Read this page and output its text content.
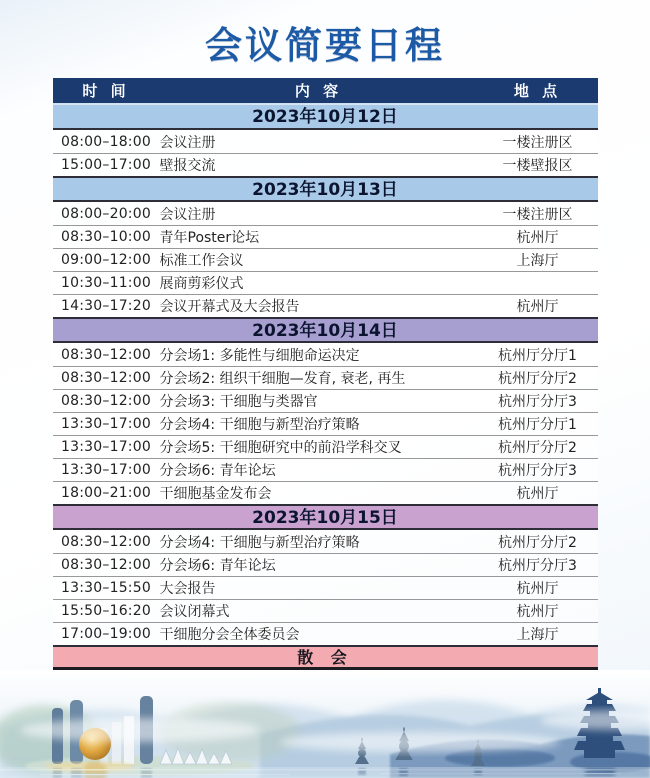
会议简要日程
时 间	内 容	地 点
2023年10月12日
08:00–18:00 会议注册	一楼注册区
15:00–17:00 壁报交流	一楼壁报区
2023年10月13日
08:00–20:00 会议注册	一楼注册区
08:30–10:00 青年Poster论坛	杭州厅
09:00–12:00 标准工作会议	上海厅
10:30–11:00 展商剪彩仪式
14:30–17:20 会议开幕式及大会报告	杭州厅
2023年10月14日
08:30–12:00 分会场1: 多能性与细胞命运决定	杭州厅分厅1
08:30–12:00 分会场2: 组织干细胞—发育, 衰老, 再生	杭州厅分厅2
08:30–12:00 分会场3: 干细胞与类器官	杭州厅分厅3
13:30–17:00 分会场4: 干细胞与新型治疗策略	杭州厅分厅1
13:30–17:00 分会场5: 干细胞研究中的前沿学科交叉	杭州厅分厅2
13:30–17:00 分会场6: 青年论坛	杭州厅分厅3
18:00–21:00 干细胞基金发布会	杭州厅
2023年10月15日
08:30–12:00 分会场4: 干细胞与新型治疗策略	杭州厅分厅2
08:30–12:00 分会场6: 青年论坛	杭州厅分厅3
13:30–15:50 大会报告	杭州厅
15:50–16:20 会议闭幕式	杭州厅
17:00–19:00 干细胞分会全体委员会	上海厅
散 会
